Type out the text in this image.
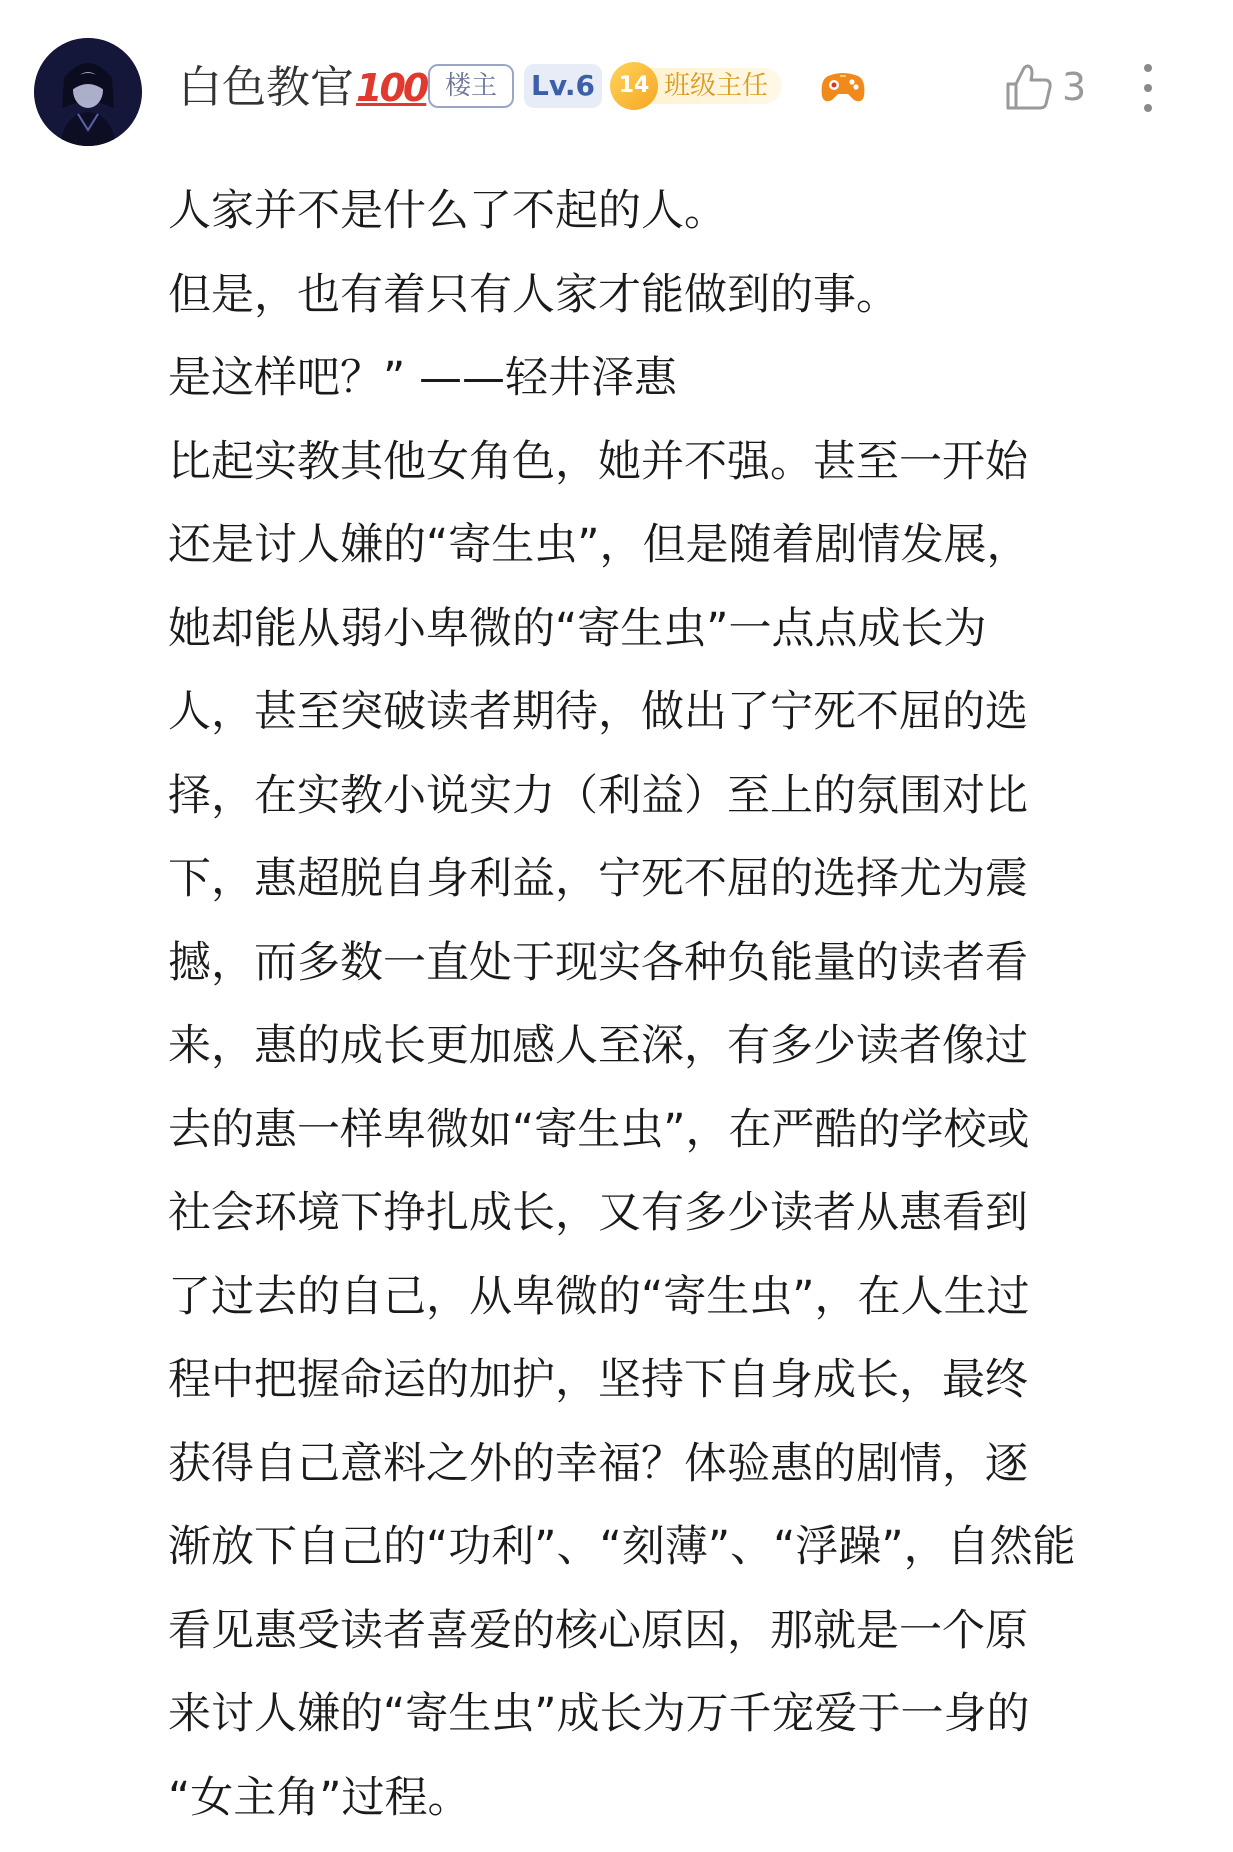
白色教官 100 楼主	Lv.6	班级主任
14	3
人家并不是什么了不起的人。
但是，也有着只有人家才能做到的事。
是这样吧？” ——轻井泽惠
比起实教其他女角色，她并不强。甚至一开始
还是讨人嫌的“寄生虫”，但是随着剧情发展，
她却能从弱小卑微的“寄生虫”一点点成长为
人，甚至突破读者期待，做出了宁死不屈的选
择，在实教小说实力（利益）至上的氛围对比
下，惠超脱自身利益，宁死不屈的选择尤为震
撼，而多数一直处于现实各种负能量的读者看
来，惠的成长更加感人至深，有多少读者像过
去的惠一样卑微如“寄生虫”，在严酷的学校或
社会环境下挣扎成长，又有多少读者从惠看到
了过去的自己，从卑微的“寄生虫”，在人生过
程中把握命运的加护，坚持下自身成长，最终
获得自己意料之外的幸福？体验惠的剧情，逐
渐放下自己的“功利”、“刻薄”、“浮躁”，自然能
看见惠受读者喜爱的核心原因，那就是一个原
来讨人嫌的“寄生虫”成长为万千宠爱于一身的
“女主角”过程。
